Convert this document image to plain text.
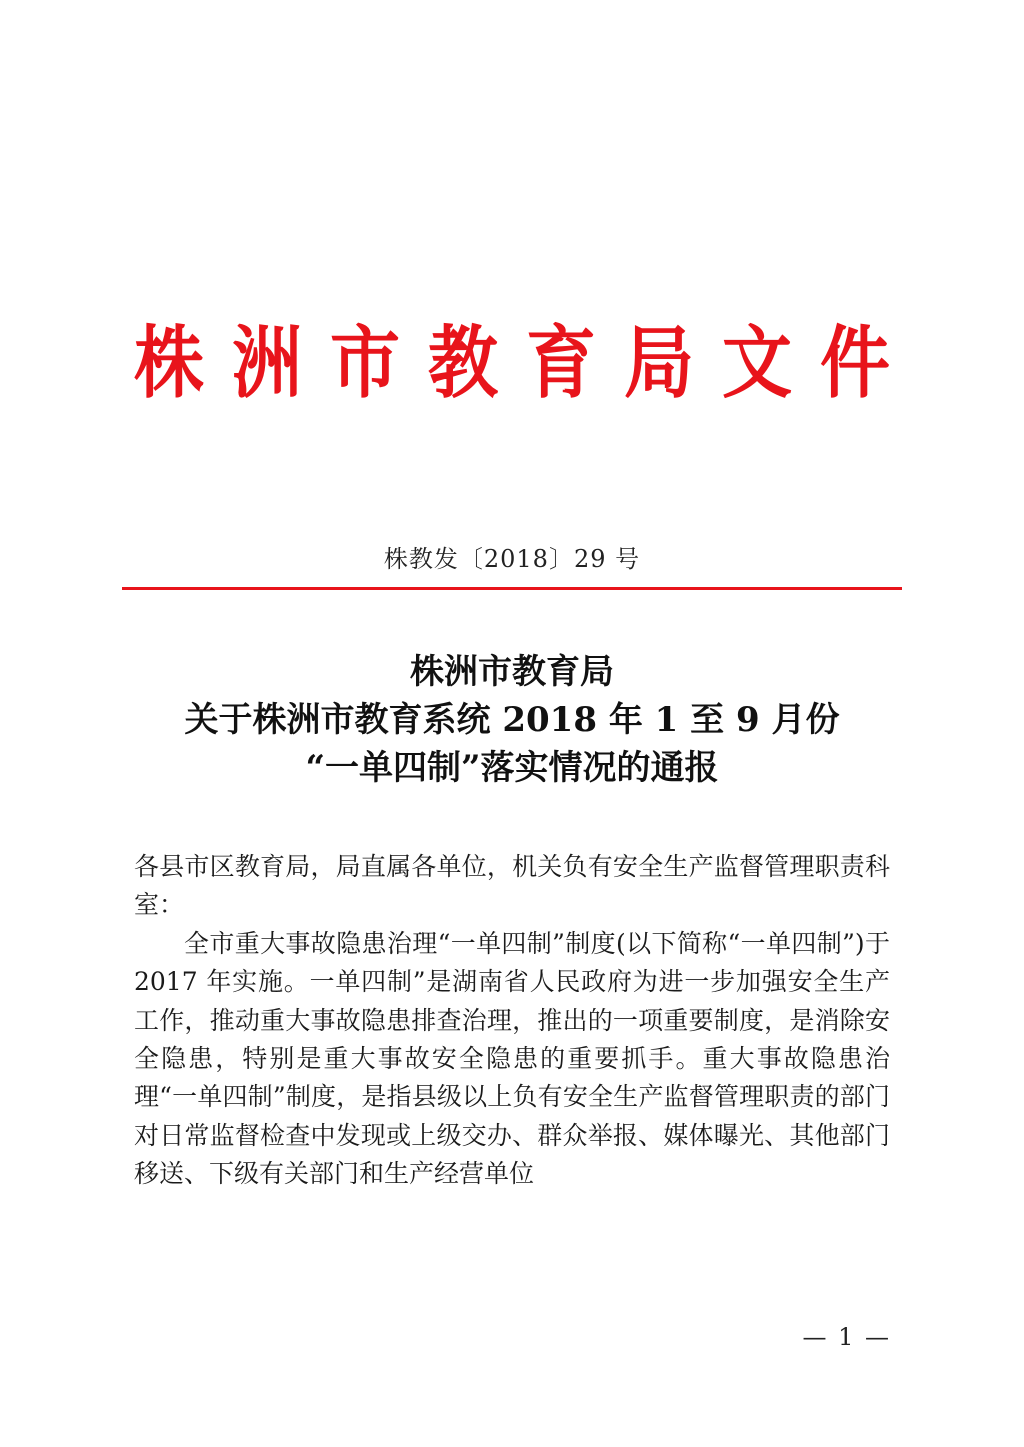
株洲市教育局文件
株教发〔2018〕29 号
株洲市教育局
关于株洲市教育系统 2018 年 1 至 9 月份
“一单四制”落实情况的通报

各县市区教育局，局直属各单位，机关负有安全生产监督管理职责科室：

全市重大事故隐患治理“一单四制”制度(以下简称“一单四制”)于 2017 年实施。一单四制”是湖南省人民政府为进一步加强安全生产工作，推动重大事故隐患排查治理，推出的一项重要制度，是消除安全隐患，特别是重大事故安全隐患的重要抓手。重大事故隐患治理“一单四制”制度，是指县级以上负有安全生产监督管理职责的部门对日常监督检查中发现或上级交办、群众举报、媒体曝光、其他部门移送、下级有关部门和生产经营单位

— 1 —
